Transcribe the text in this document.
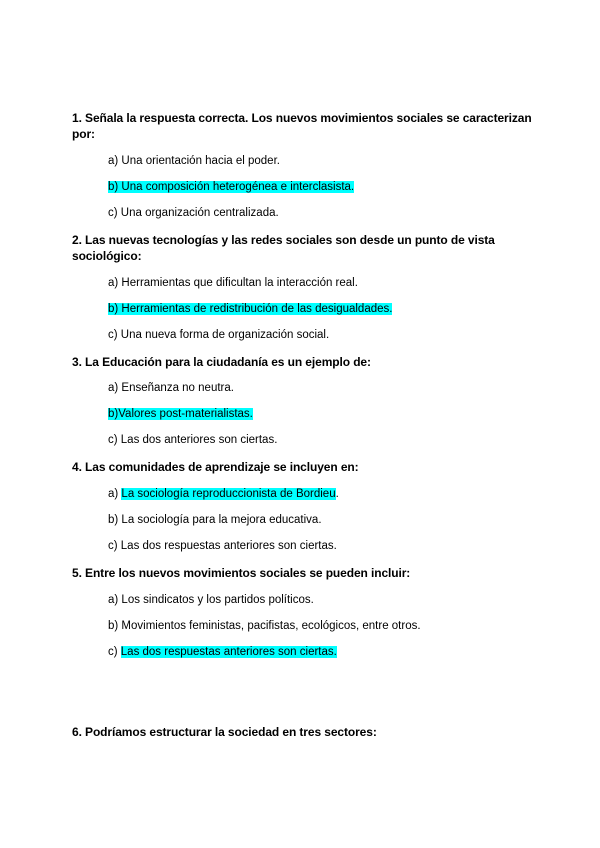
1. Señala la respuesta correcta. Los nuevos movimientos sociales se caracterizan por:
a) Una orientación hacia el poder.
b) Una composición heterogénea e interclasista.
c) Una organización centralizada.
2. Las nuevas tecnologías y las redes sociales son desde un punto de vista sociológico:
a) Herramientas que dificultan la interacción real.
b) Herramientas de redistribución de las desigualdades.
c) Una nueva forma de organización social.
3. La Educación para la ciudadanía es un ejemplo de:
a) Enseñanza no neutra.
b)Valores post-materialistas.
c) Las dos anteriores son ciertas.
4. Las comunidades de aprendizaje se incluyen en:
a) La sociología reproduccionista de Bordieu.
b) La sociología para la mejora educativa.
c) Las dos respuestas anteriores son ciertas.
5. Entre los nuevos movimientos sociales se pueden incluir:
a) Los sindicatos y los partidos políticos.
b) Movimientos feministas, pacifistas, ecológicos, entre otros.
c) Las dos respuestas anteriores son ciertas.
6. Podríamos estructurar la sociedad en tres sectores:
